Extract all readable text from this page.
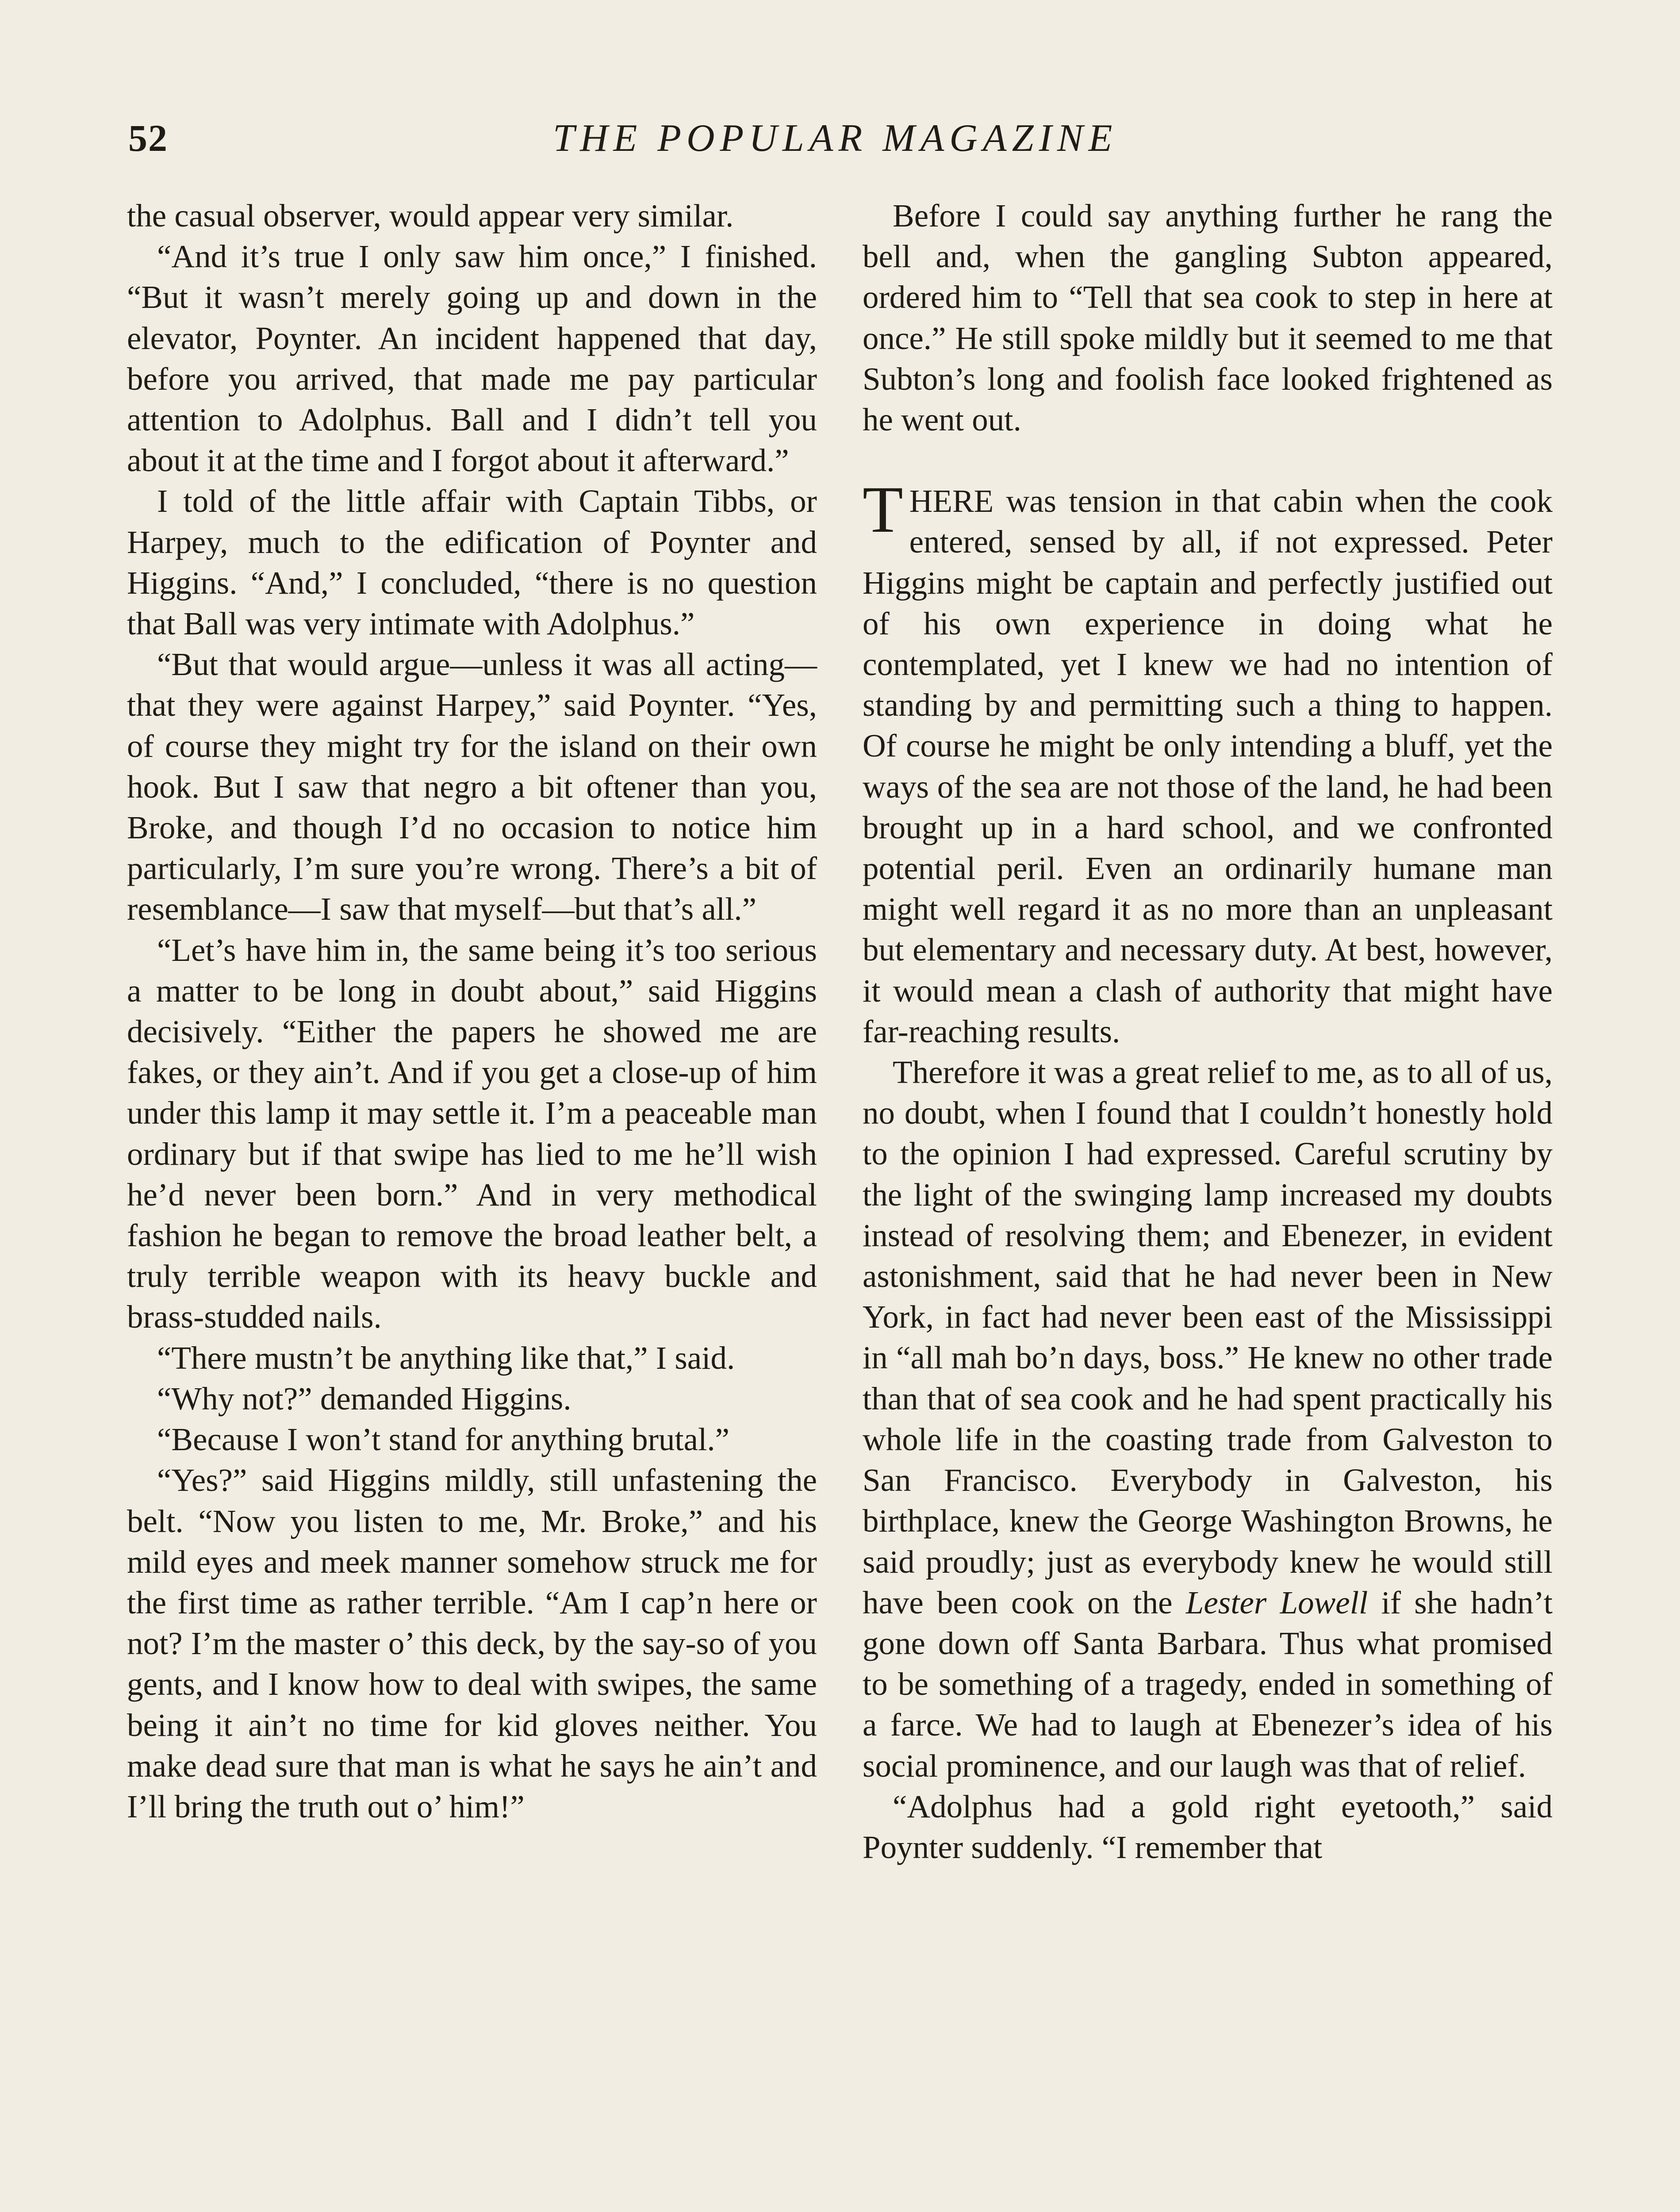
52	THE POPULAR MAGAZINE

the casual observer, would appear very similar.

“And it’s true I only saw him once,” I finished. “But it wasn’t merely going up and down in the elevator, Poynter. An incident happened that day, before you arrived, that made me pay particular attention to Adolphus. Ball and I didn’t tell you about it at the time and I forgot about it afterward.”

I told of the little affair with Captain Tibbs, or Harpey, much to the edification of Poynter and Higgins. “And,” I concluded, “there is no question that Ball was very intimate with Adolphus.”

“But that would argue—unless it was all acting—that they were against Harpey,” said Poynter. “Yes, of course they might try for the island on their own hook. But I saw that negro a bit oftener than you, Broke, and though I’d no occasion to notice him particularly, I’m sure you’re wrong. There’s a bit of resemblance—I saw that myself—but that’s all.”

“Let’s have him in, the same being it’s too serious a matter to be long in doubt about,” said Higgins decisively. “Either the papers he showed me are fakes, or they ain’t. And if you get a close-up of him under this lamp it may settle it. I’m a peaceable man ordinary but if that swipe has lied to me he’ll wish he’d never been born.” And in very methodical fashion he began to remove the broad leather belt, a truly terrible weapon with its heavy buckle and brass-studded nails.

“There mustn’t be anything like that,” I said.

“Why not?” demanded Higgins.

“Because I won’t stand for anything brutal.”

“Yes?” said Higgins mildly, still unfastening the belt. “Now you listen to me, Mr. Broke,” and his mild eyes and meek manner somehow struck me for the first time as rather terrible. “Am I cap’n here or not? I’m the master o’ this deck, by the say-so of you gents, and I know how to deal with swipes, the same being it ain’t no time for kid gloves neither. You make dead sure that man is what he says he ain’t and I’ll bring the truth out o’ him!”

Before I could say anything further he rang the bell and, when the gangling Subton appeared, ordered him to “Tell that sea cook to step in here at once.” He still spoke mildly but it seemed to me that Subton’s long and foolish face looked frightened as he went out.

THERE was tension in that cabin when the cook entered, sensed by all, if not expressed. Peter Higgins might be captain and perfectly justified out of his own experience in doing what he contemplated, yet I knew we had no intention of standing by and permitting such a thing to happen. Of course he might be only intending a bluff, yet the ways of the sea are not those of the land, he had been brought up in a hard school, and we confronted potential peril. Even an ordinarily humane man might well regard it as no more than an unpleasant but elementary and necessary duty. At best, however, it would mean a clash of authority that might have far-reaching results.

Therefore it was a great relief to me, as to all of us, no doubt, when I found that I couldn’t honestly hold to the opinion I had expressed. Careful scrutiny by the light of the swinging lamp increased my doubts instead of resolving them; and Ebenezer, in evident astonishment, said that he had never been in New York, in fact had never been east of the Mississippi in “all mah bo’n days, boss.” He knew no other trade than that of sea cook and he had spent practically his whole life in the coasting trade from Galveston to San Francisco. Everybody in Galveston, his birthplace, knew the George Washington Browns, he said proudly; just as everybody knew he would still have been cook on the Lester Lowell if she hadn’t gone down off Santa Barbara. Thus what promised to be something of a tragedy, ended in something of a farce. We had to laugh at Ebenezer’s idea of his social prominence, and our laugh was that of relief.

“Adolphus had a gold right eyetooth,” said Poynter suddenly. “I remember that
